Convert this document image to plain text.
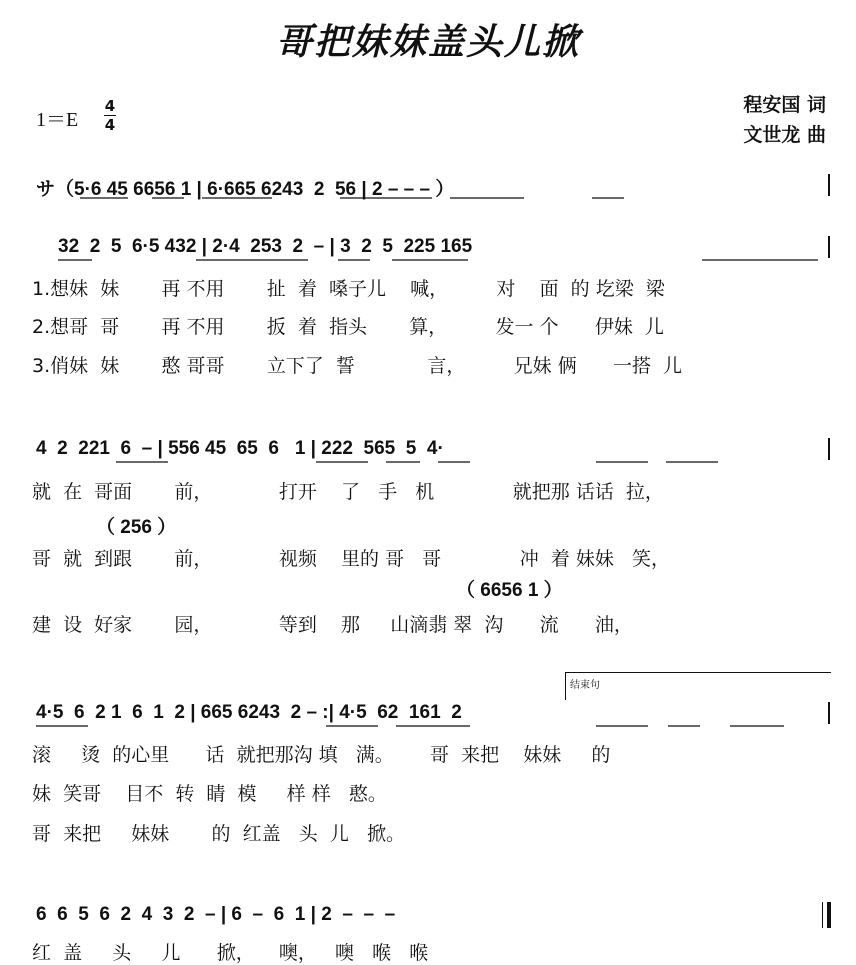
哥把妹妹盖头儿掀
1＝E
4
4
程安国 词
文世龙 曲
サ（5·6 45 6656 1 | 6·665 6243  2  56 | 2 – – – ）
32  2  5  6·5 432 | 2·4  253  2  – | 3  2  5  225 165
1.想妹  妹       再 不用       扯  着  嗓子儿    喊，        对    面  的 圪梁  梁
2.想哥  哥       再 不用       扳  着  指头       算，        发一 个      伊妹  儿
3.俏妹  妹       憨 哥哥       立下了  誓            言，        兄妹 俩      一搭  儿
4  2  221  6  – | 556 45  65  6   1 | 222  565  5  4·
就  在  哥面       前，           打开    了   手   机             就把那 话话  拉，
（ 256 ）
哥  就  到跟       前，           视频    里的 哥   哥             冲  着 妹妹   笑，
（ 6656 1 ）
建  设  好家       园，           等到    那     山滴翡 翠  沟      流      油，
结束句
4·5  6  2 1  6  1  2 | 665 6243  2 – :| 4·5  62  161  2
滚     烫  的心里      话  就把那沟 填   满。      哥  来把    妹妹     的
妹  笑哥    目不  转  睛  模     样 样   憨。
哥  来把     妹妹       的  红盖   头  儿   掀。
6  6  5  6  2  4  3  2  – | 6  –  6  1 | 2  –  –  –
红  盖     头     儿      掀，    噢，   噢   喉   喉
